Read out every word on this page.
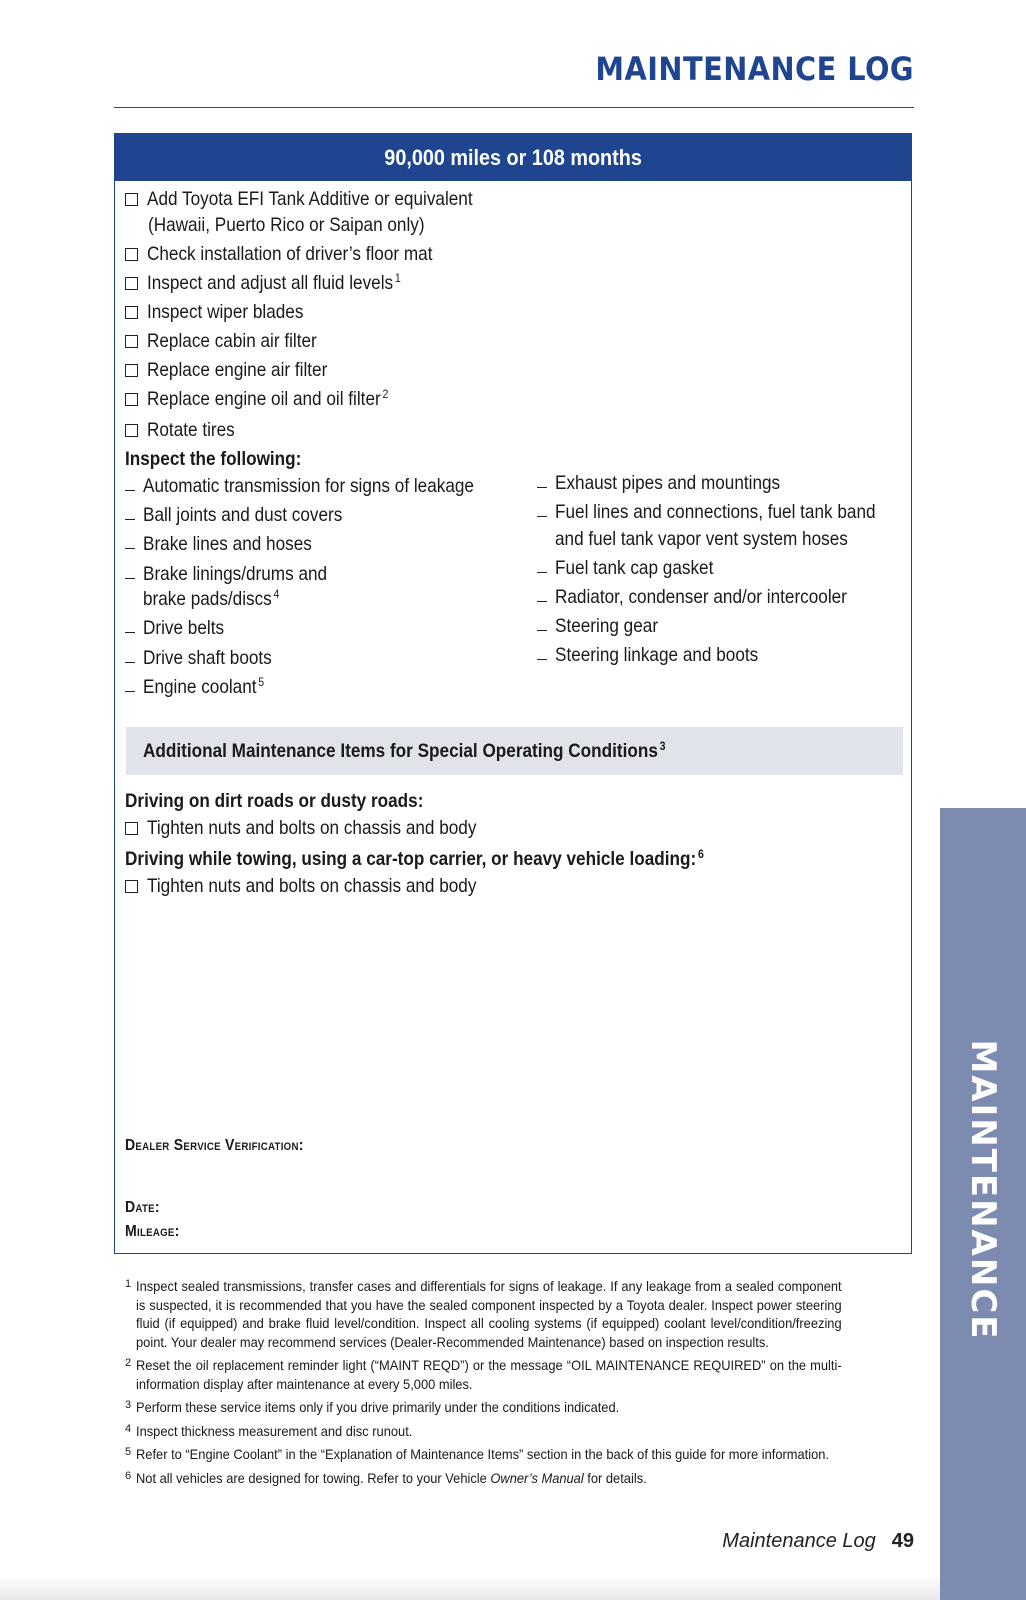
MAINTENANCE LOG
90,000 miles or 108 months
Add Toyota EFI Tank Additive or equivalent
(Hawaii, Puerto Rico or Saipan only)
Check installation of driver’s floor mat
Inspect and adjust all fluid levels $^1$
Inspect wiper blades
Replace cabin air filter
Replace engine air filter
Replace engine oil and oil filter $^2$
Rotate tires
Inspect the following:
Automatic transmission for signs of leakage
Ball joints and dust covers
Brake lines and hoses
Brake linings/drums and
brake pads/discs $^4$
Drive belts
Drive shaft boots
Engine coolant $^5$
Exhaust pipes and mountings
Fuel lines and connections, fuel tank band
and fuel tank vapor vent system hoses
Fuel tank cap gasket
Radiator, condenser and/or intercooler
Steering gear
Steering linkage and boots
Additional Maintenance Items for Special Operating Conditions $^3$
Driving on dirt roads or dusty roads:
Tighten nuts and bolts on chassis and body
Driving while towing, using a car-top carrier, or heavy vehicle loading: $^6$
Tighten nuts and bolts on chassis and body
Dealer Service Verification:
Date:
Mileage:
1 Inspect sealed transmissions, transfer cases and differentials for signs of leakage. If any leakage from a sealed component is suspected, it is recommended that you have the sealed component inspected by a Toyota dealer. Inspect power steering fluid (if equipped) and brake fluid level/condition. Inspect all cooling systems (if equipped) coolant level/condition/freezing point. Your dealer may recommend services (Dealer-Recommended Maintenance) based on inspection results.
2 Reset the oil replacement reminder light (“MAINT REQD”) or the message “OIL MAINTENANCE REQUIRED” on the multi-information display after maintenance at every 5,000 miles.
3 Perform these service items only if you drive primarily under the conditions indicated.
4 Inspect thickness measurement and disc runout.
5 Refer to “Engine Coolant” in the “Explanation of Maintenance Items” section in the back of this guide for more information.
6 Not all vehicles are designed for towing. Refer to your Vehicle Owner’s Manual for details.
Maintenance Log 49
MAINTENANCE
